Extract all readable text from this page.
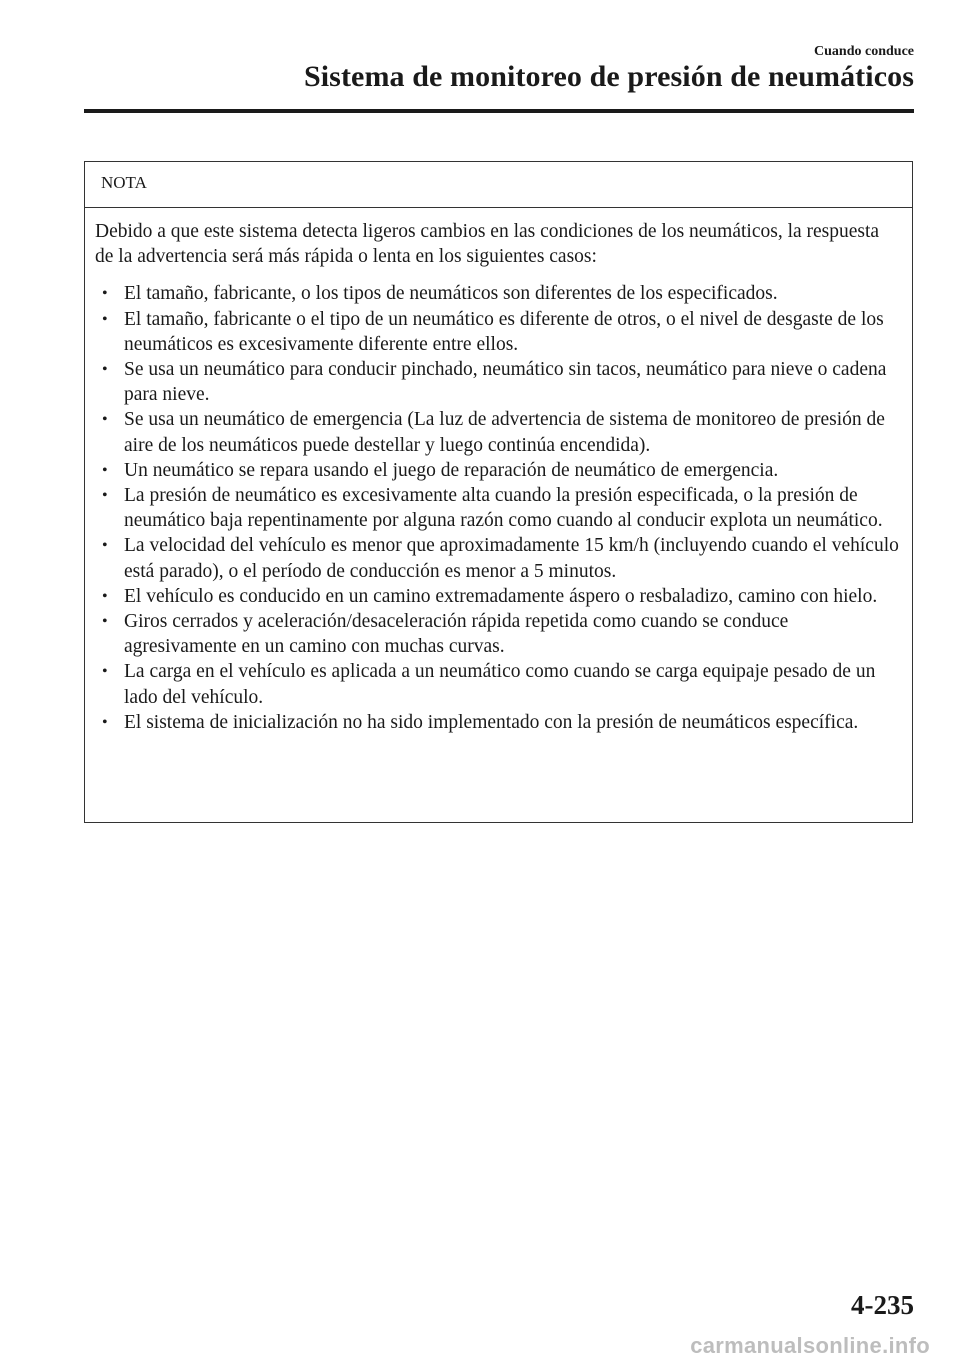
Cuando conduce
Sistema de monitoreo de presión de neumáticos
NOTA

Debido a que este sistema detecta ligeros cambios en las condiciones de los neumáticos, la respuesta de la advertencia será más rápida o lenta en los siguientes casos:

• El tamaño, fabricante, o los tipos de neumáticos son diferentes de los especificados.
• El tamaño, fabricante o el tipo de un neumático es diferente de otros, o el nivel de desgaste de los neumáticos es excesivamente diferente entre ellos.
• Se usa un neumático para conducir pinchado, neumático sin tacos, neumático para nieve o cadena para nieve.
• Se usa un neumático de emergencia (La luz de advertencia de sistema de monitoreo de presión de aire de los neumáticos puede destellar y luego continúa encendida).
• Un neumático se repara usando el juego de reparación de neumático de emergencia.
• La presión de neumático es excesivamente alta cuando la presión especificada, o la presión de neumático baja repentinamente por alguna razón como cuando al conducir explota un neumático.
• La velocidad del vehículo es menor que aproximadamente 15 km/h (incluyendo cuando el vehículo está parado), o el período de conducción es menor a 5 minutos.
• El vehículo es conducido en un camino extremadamente áspero o resbaladizo, camino con hielo.
• Giros cerrados y aceleración/desaceleración rápida repetida como cuando se conduce agresivamente en un camino con muchas curvas.
• La carga en el vehículo es aplicada a un neumático como cuando se carga equipaje pesado de un lado del vehículo.
• El sistema de inicialización no ha sido implementado con la presión de neumáticos específica.
4-235
carmanualsonline.info
